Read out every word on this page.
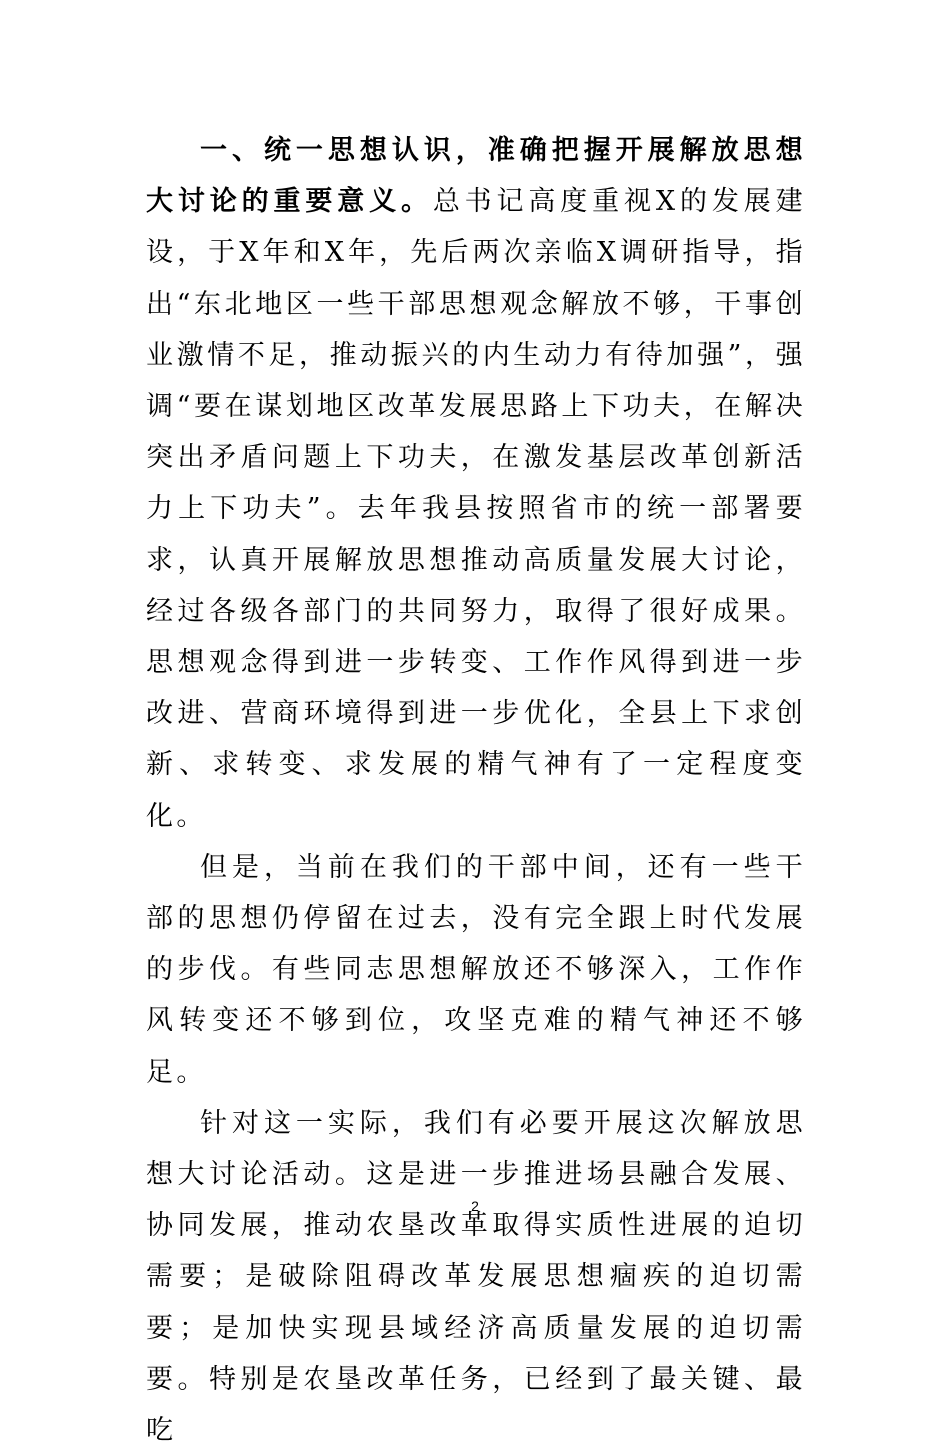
一、统一思想认识，准确把握开展解放思想大讨论的重要意义。总书记高度重视X的发展建设，于X年和X年，先后两次亲临X调研指导，指出“东北地区一些干部思想观念解放不够，干事创业激情不足，推动振兴的内生动力有待加强”，强调“要在谋划地区改革发展思路上下功夫，在解决突出矛盾问题上下功夫，在激发基层改革创新活力上下功夫”。去年我县按照省市的统一部署要求，认真开展解放思想推动高质量发展大讨论，经过各级各部门的共同努力，取得了很好成果。思想观念得到进一步转变、工作作风得到进一步改进、营商环境得到进一步优化，全县上下求创新、求转变、求发展的精气神有了一定程度变化。

但是，当前在我们的干部中间，还有一些干部的思想仍停留在过去，没有完全跟上时代发展的步伐。有些同志思想解放还不够深入，工作作风转变还不够到位，攻坚克难的精气神还不够足。

针对这一实际，我们有必要开展这次解放思想大讨论活动。这是进一步推进场县融合发展、协同发展，推动农垦改革取得实质性进展的迫切需要；是破除阻碍改革发展思想痼疾的迫切需要；是加快实现县域经济高质量发展的迫切需要。特别是农垦改革任务，已经到了最关键、最吃

2
